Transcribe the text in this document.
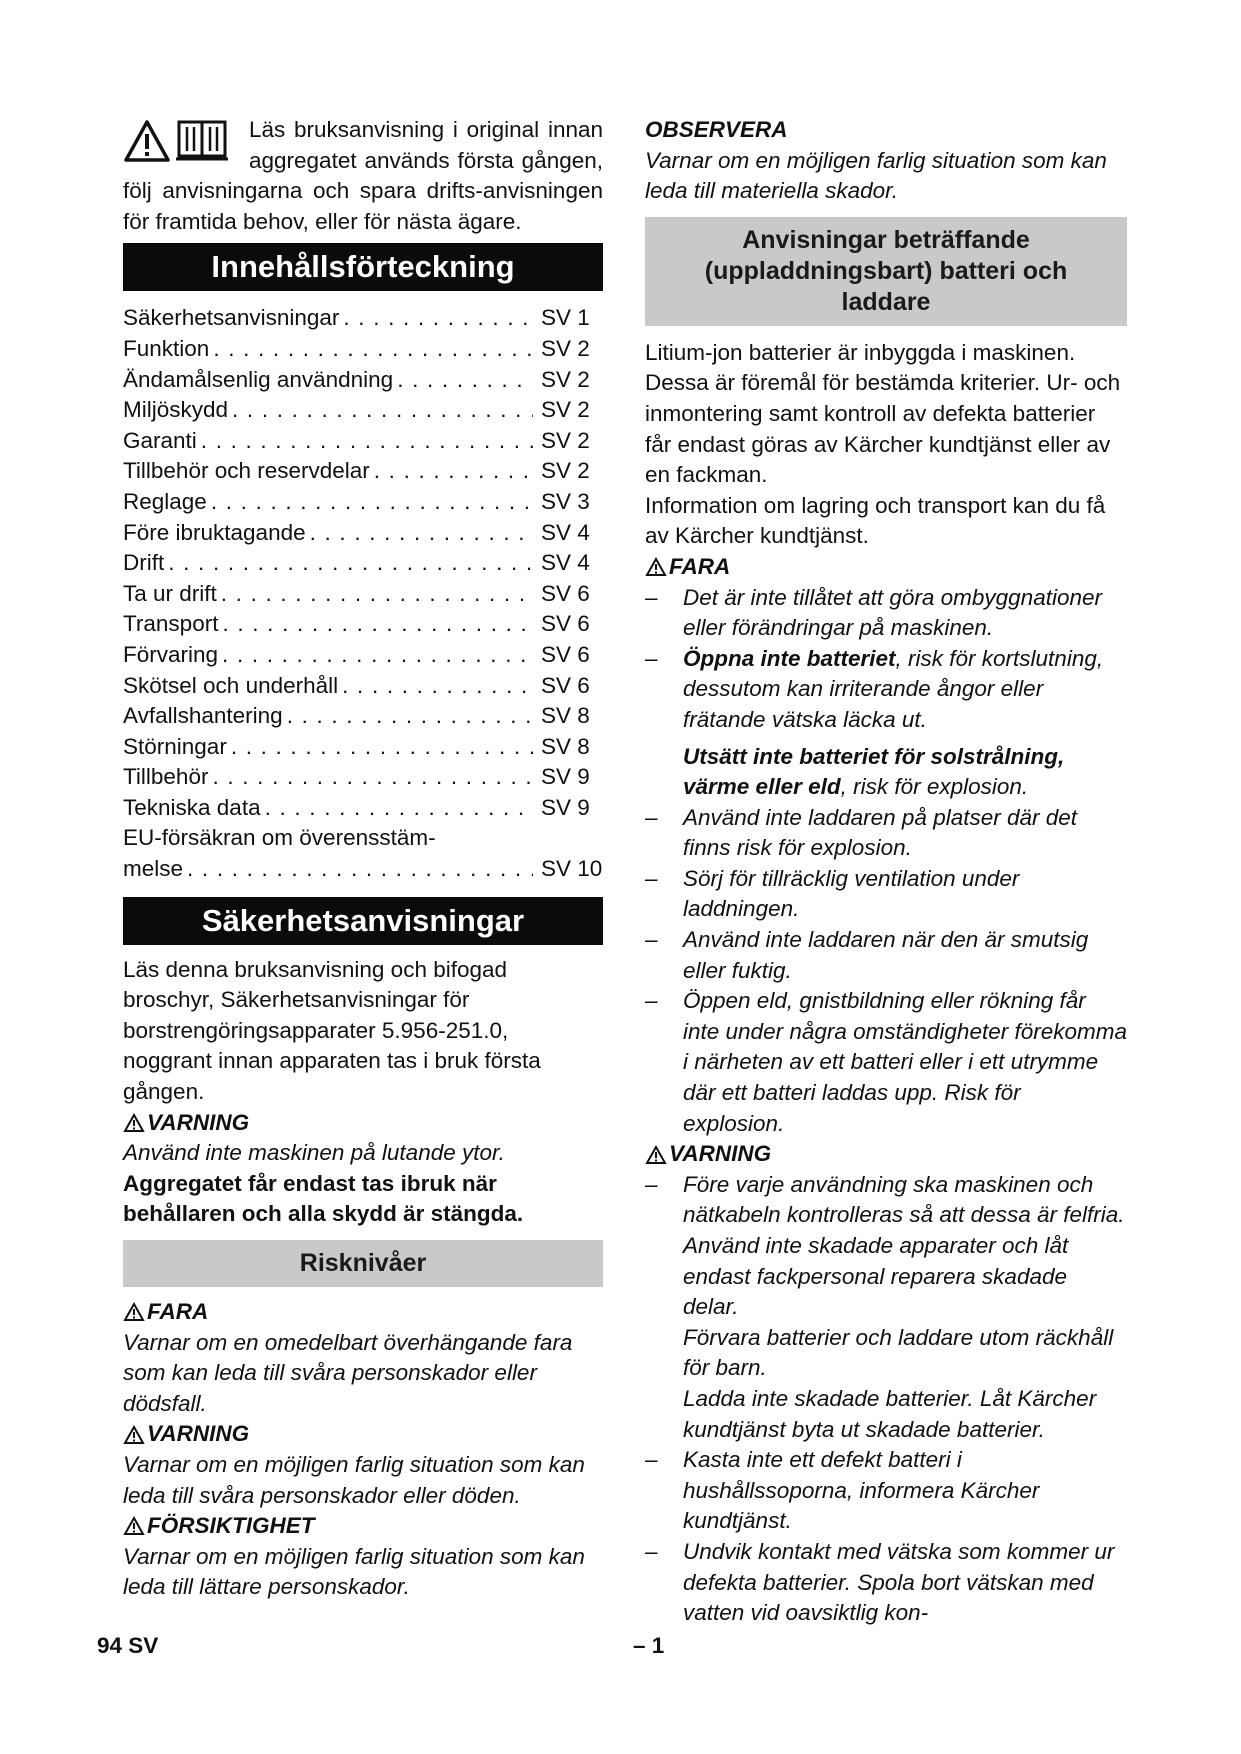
Läs bruksanvisning i original innan aggregatet används första gången, följ anvisningarna och spara drifts-anvisningen för framtida behov, eller för nästa ägare.

Innehållsförteckning
Säkerhetsanvisningar . . .	SV 1
Funktion . . .	SV 2
Ändamålsenlig användning . . .	SV 2
Miljöskydd . . .	SV 2
Garanti . . .	SV 2
Tillbehör och reservdelar . . .	SV 2
Reglage . . .	SV 3
Före ibruktagande . . .	SV 4
Drift . . .	SV 4
Ta ur drift . . .	SV 6
Transport . . .	SV 6
Förvaring . . .	SV 6
Skötsel och underhåll . . .	SV 6
Avfallshantering . . .	SV 8
Störningar . . .	SV 8
Tillbehör . . .	SV 9
Tekniska data . . .	SV 9
EU-försäkran om överensstäm-
melse . . .	SV 10
Säkerhetsanvisningar

Läs denna bruksanvisning och bifogad broschyr, Säkerhetsanvisningar för borstrengöringsapparater 5.956-251.0, noggrant innan apparaten tas i bruk första gången.

VARNING

Använd inte maskinen på lutande ytor.

Aggregatet får endast tas ibruk när behållaren och alla skydd är stängda.

Risknivåer
FARA

Varnar om en omedelbart överhängande fara som kan leda till svåra personskador eller dödsfall.

VARNING

Varnar om en möjligen farlig situation som kan leda till svåra personskador eller döden.

FÖRSIKTIGHET

Varnar om en möjligen farlig situation som kan leda till lättare personskador.

OBSERVERA

Varnar om en möjligen farlig situation som kan leda till materiella skador.

Anvisningar beträffande (uppladdningsbart) batteri och laddare

Litium-jon batterier är inbyggda i maskinen. Dessa är föremål för bestämda kriterier. Ur- och inmontering samt kontroll av defekta batterier får endast göras av Kärcher kundtjänst eller av en fackman.

Information om lagring och transport kan du få av Kärcher kundtjänst.

FARA
– Det är inte tillåtet att göra ombyggnationer eller förändringar på maskinen.
– Öppna inte batteriet, risk för kortslutning, dessutom kan irriterande ångor eller frätande vätska läcka ut.
Utsätt inte batteriet för solstrålning, värme eller eld, risk för explosion.
– Använd inte laddaren på platser där det finns risk för explosion.
– Sörj för tillräcklig ventilation under laddningen.
– Använd inte laddaren när den är smutsig eller fuktig.
– Öppen eld, gnistbildning eller rökning får inte under några omständigheter förekomma i närheten av ett batteri eller i ett utrymme där ett batteri laddas upp. Risk för explosion.
VARNING
– Före varje användning ska maskinen och nätkabeln kontrolleras så att dessa är felfria. Använd inte skadade apparater och låt endast fackpersonal reparera skadade delar.
Förvara batterier och laddare utom räckhåll för barn.
Ladda inte skadade batterier. Låt Kärcher kundtjänst byta ut skadade batterier.
– Kasta inte ett defekt batteri i hushållssoporna, informera Kärcher kundtjänst.
– Undvik kontakt med vätska som kommer ur defekta batterier. Spola bort vätskan med vatten vid oavsiktlig kon-
94 SV	– 1
